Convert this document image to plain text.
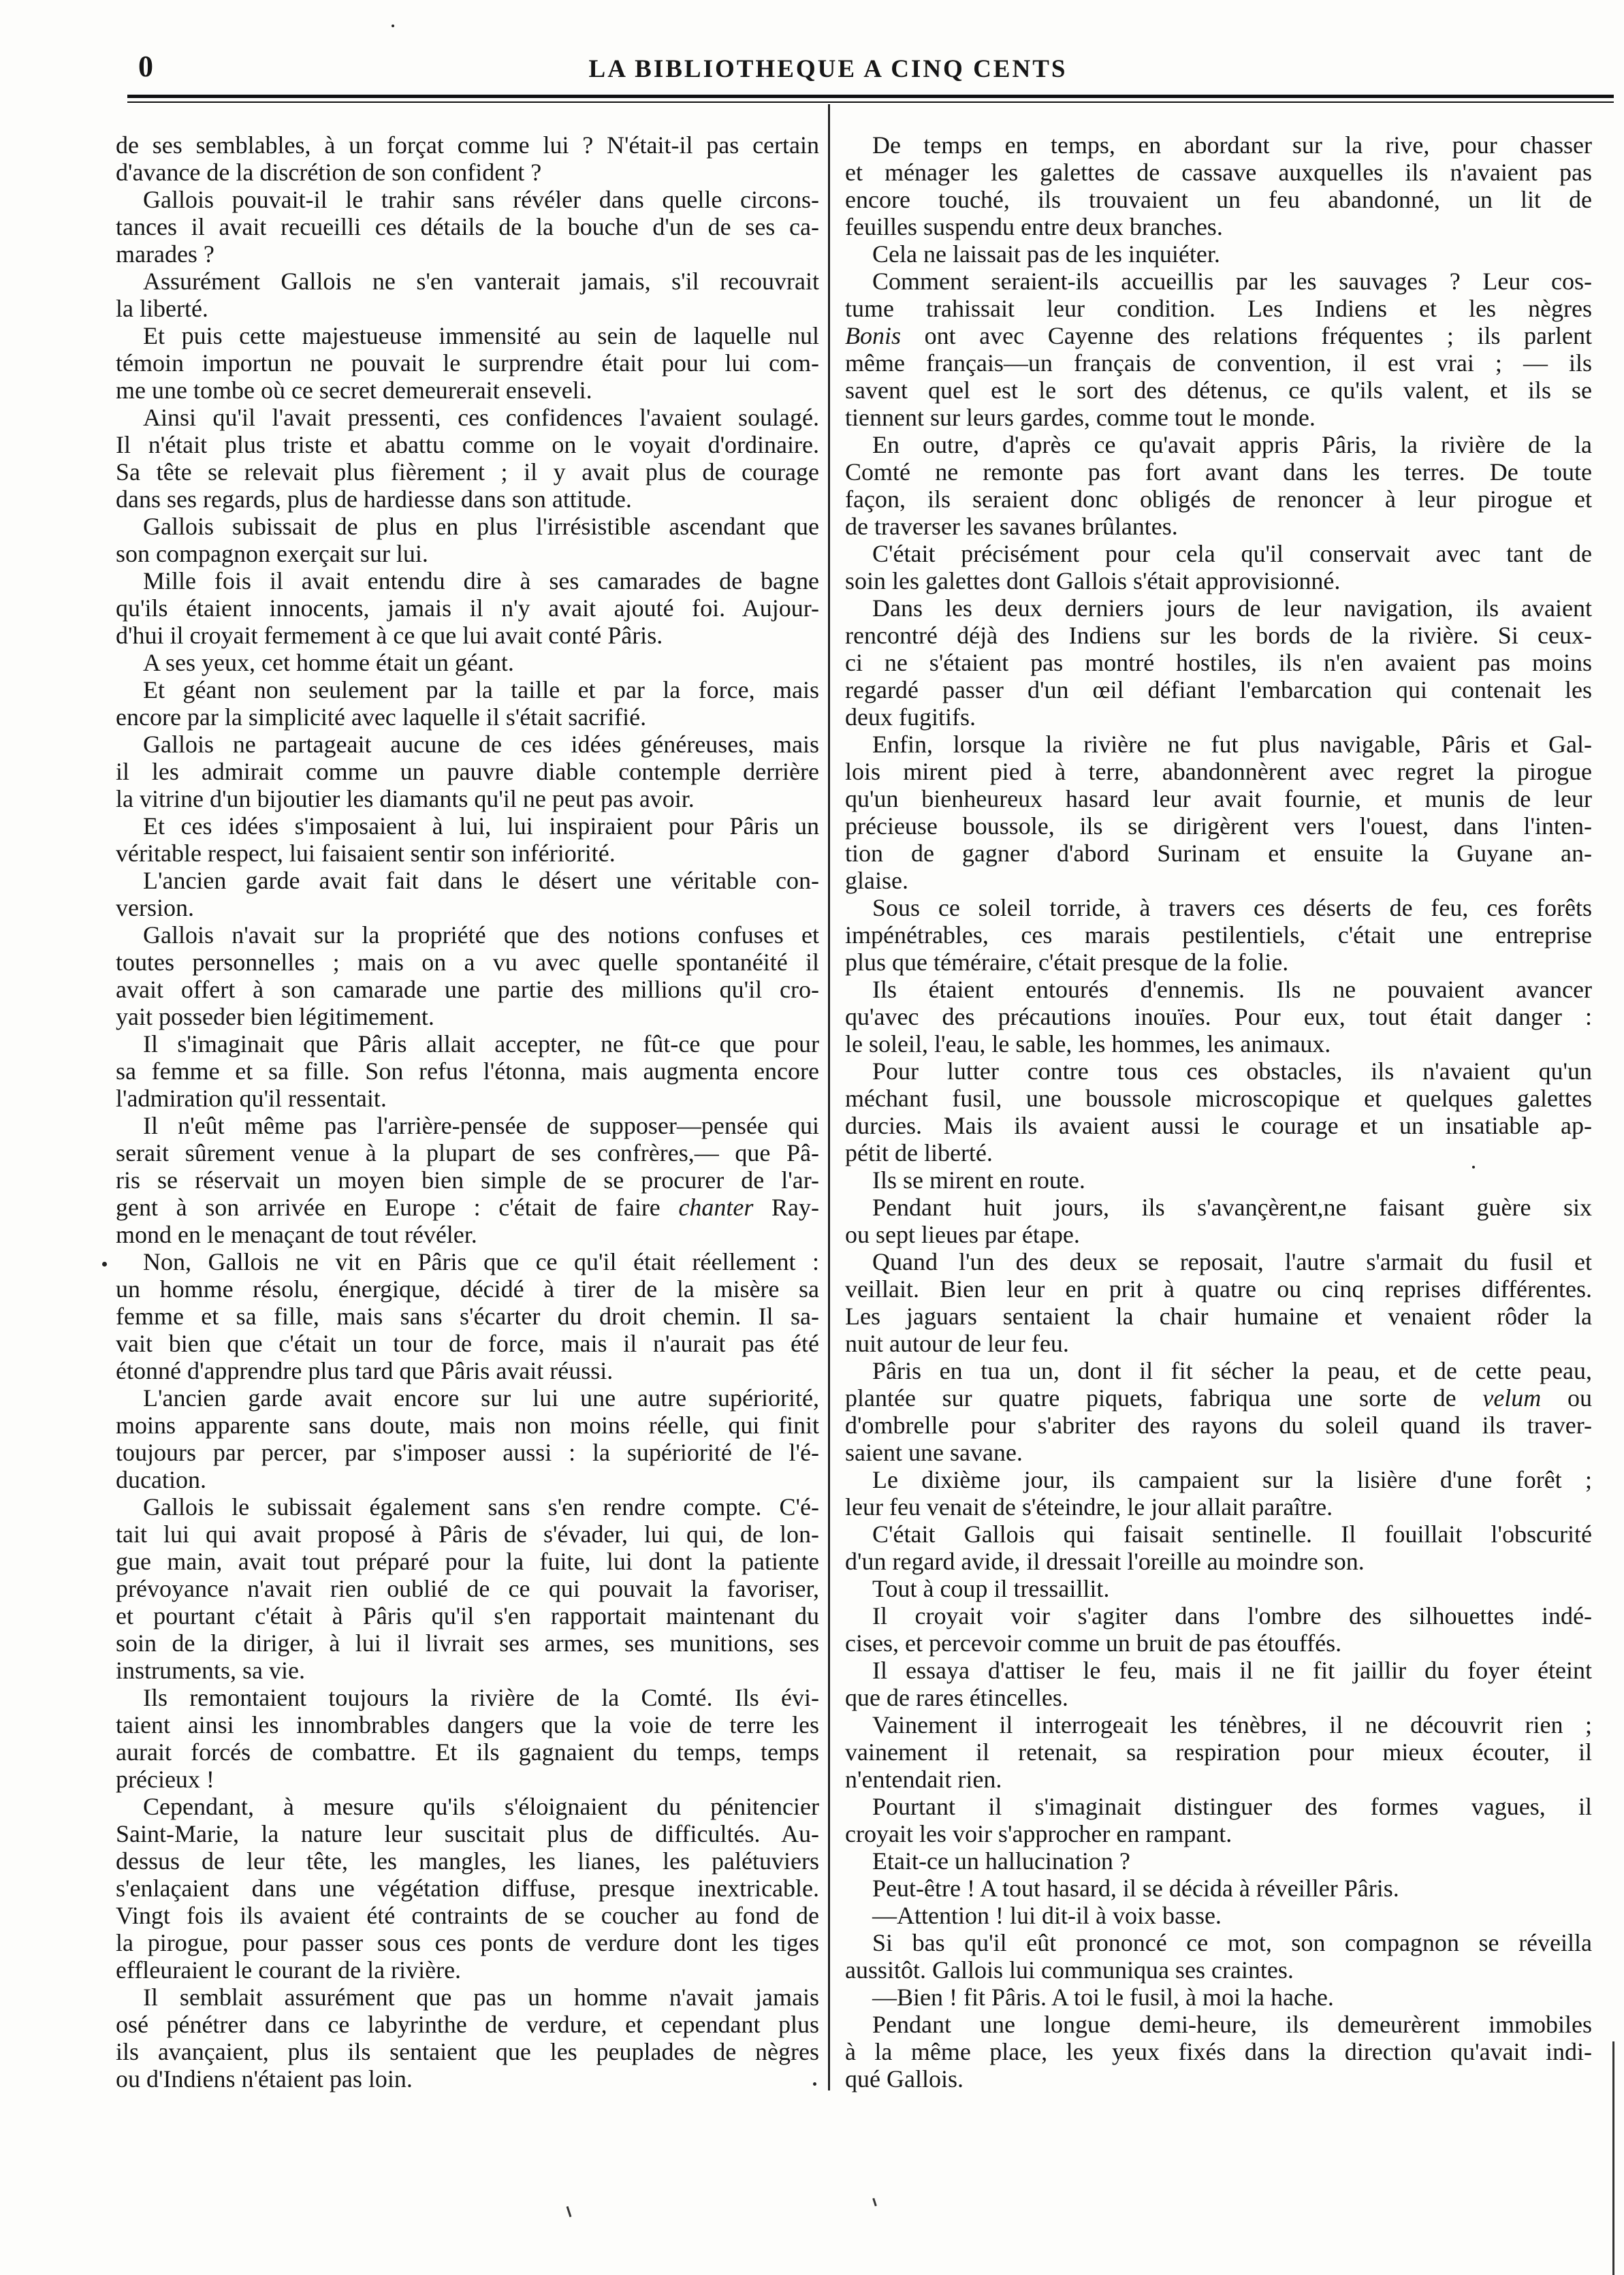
0	LA BIBLIOTHEQUE A CINQ CENTS
de ses semblables, à un forçat comme lui ? N'était-il pas certain
d'avance de la discrétion de son confident ?
Gallois pouvait-il le trahir sans révéler dans quelle circons-
tances il avait recueilli ces détails de la bouche d'un de ses ca-
marades ?
Assurément Gallois ne s'en vanterait jamais, s'il recouvrait
la liberté.
Et puis cette majestueuse immensité au sein de laquelle nul
témoin importun ne pouvait le surprendre était pour lui com-
me une tombe où ce secret demeurerait enseveli.
Ainsi qu'il l'avait pressenti, ces confidences l'avaient soulagé.
Il n'était plus triste et abattu comme on le voyait d'ordinaire.
Sa tête se relevait plus fièrement ; il y avait plus de courage
dans ses regards, plus de hardiesse dans son attitude.
Gallois subissait de plus en plus l'irrésistible ascendant que
son compagnon exerçait sur lui.
Mille fois il avait entendu dire à ses camarades de bagne
qu'ils étaient innocents, jamais il n'y avait ajouté foi. Aujour-
d'hui il croyait fermement à ce que lui avait conté Pâris.
A ses yeux, cet homme était un géant.
Et géant non seulement par la taille et par la force, mais
encore par la simplicité avec laquelle il s'était sacrifié.
Gallois ne partageait aucune de ces idées généreuses, mais
il les admirait comme un pauvre diable contemple derrière
la vitrine d'un bijoutier les diamants qu'il ne peut pas avoir.
Et ces idées s'imposaient à lui, lui inspiraient pour Pâris un
véritable respect, lui faisaient sentir son infériorité.
L'ancien garde avait fait dans le désert une véritable con-
version.
Gallois n'avait sur la propriété que des notions confuses et
toutes personnelles ; mais on a vu avec quelle spontanéité il
avait offert à son camarade une partie des millions qu'il cro-
yait posseder bien légitimement.
Il s'imaginait que Pâris allait accepter, ne fût-ce que pour
sa femme et sa fille. Son refus l'étonna, mais augmenta encore
l'admiration qu'il ressentait.
Il n'eût même pas l'arrière-pensée de supposer—pensée qui
serait sûrement venue à la plupart de ses confrères,— que Pâ-
ris se réservait un moyen bien simple de se procurer de l'ar-
gent à son arrivée en Europe : c'était de faire chanter Ray-
mond en le menaçant de tout révéler.
Non, Gallois ne vit en Pâris que ce qu'il était réellement :
un homme résolu, énergique, décidé à tirer de la misère sa
femme et sa fille, mais sans s'écarter du droit chemin. Il sa-
vait bien que c'était un tour de force, mais il n'aurait pas été
étonné d'apprendre plus tard que Pâris avait réussi.
L'ancien garde avait encore sur lui une autre supériorité,
moins apparente sans doute, mais non moins réelle, qui finit
toujours par percer, par s'imposer aussi : la supériorité de l'é-
ducation.
Gallois le subissait également sans s'en rendre compte. C'é-
tait lui qui avait proposé à Pâris de s'évader, lui qui, de lon-
gue main, avait tout préparé pour la fuite, lui dont la patiente
prévoyance n'avait rien oublié de ce qui pouvait la favoriser,
et pourtant c'était à Pâris qu'il s'en rapportait maintenant du
soin de la diriger, à lui il livrait ses armes, ses munitions, ses
instruments, sa vie.
Ils remontaient toujours la rivière de la Comté. Ils évi-
taient ainsi les innombrables dangers que la voie de terre les
aurait forcés de combattre. Et ils gagnaient du temps, temps
précieux !
Cependant, à mesure qu'ils s'éloignaient du pénitencier
Saint-Marie, la nature leur suscitait plus de difficultés. Au-
dessus de leur tête, les mangles, les lianes, les palétuviers
s'enlaçaient dans une végétation diffuse, presque inextricable.
Vingt fois ils avaient été contraints de se coucher au fond de
la pirogue, pour passer sous ces ponts de verdure dont les tiges
effleuraient le courant de la rivière.
Il semblait assurément que pas un homme n'avait jamais
osé pénétrer dans ce labyrinthe de verdure, et cependant plus
ils avançaient, plus ils sentaient que les peuplades de nègres
ou d'Indiens n'étaient pas loin.
De temps en temps, en abordant sur la rive, pour chasser
et ménager les galettes de cassave auxquelles ils n'avaient pas
encore touché, ils trouvaient un feu abandonné, un lit de
feuilles suspendu entre deux branches.
Cela ne laissait pas de les inquiéter.
Comment seraient-ils accueillis par les sauvages ? Leur cos-
tume trahissait leur condition. Les Indiens et les nègres
Bonis ont avec Cayenne des relations fréquentes ; ils parlent
même français—un français de convention, il est vrai ; — ils
savent quel est le sort des détenus, ce qu'ils valent, et ils se
tiennent sur leurs gardes, comme tout le monde.
En outre, d'après ce qu'avait appris Pâris, la rivière de la
Comté ne remonte pas fort avant dans les terres. De toute
façon, ils seraient donc obligés de renoncer à leur pirogue et
de traverser les savanes brûlantes.
C'était précisément pour cela qu'il conservait avec tant de
soin les galettes dont Gallois s'était approvisionné.
Dans les deux derniers jours de leur navigation, ils avaient
rencontré déjà des Indiens sur les bords de la rivière. Si ceux-
ci ne s'étaient pas montré hostiles, ils n'en avaient pas moins
regardé passer d'un œil défiant l'embarcation qui contenait les
deux fugitifs.
Enfin, lorsque la rivière ne fut plus navigable, Pâris et Gal-
lois mirent pied à terre, abandonnèrent avec regret la pirogue
qu'un bienheureux hasard leur avait fournie, et munis de leur
précieuse boussole, ils se dirigèrent vers l'ouest, dans l'inten-
tion de gagner d'abord Surinam et ensuite la Guyane an-
glaise.
Sous ce soleil torride, à travers ces déserts de feu, ces forêts
impénétrables, ces marais pestilentiels, c'était une entreprise
plus que téméraire, c'était presque de la folie.
Ils étaient entourés d'ennemis. Ils ne pouvaient avancer
qu'avec des précautions inouïes. Pour eux, tout était danger :
le soleil, l'eau, le sable, les hommes, les animaux.
Pour lutter contre tous ces obstacles, ils n'avaient qu'un
méchant fusil, une boussole microscopique et quelques galettes
durcies. Mais ils avaient aussi le courage et un insatiable ap-
pétit de liberté.
Ils se mirent en route.
Pendant huit jours, ils s'avançèrent,ne faisant guère six
ou sept lieues par étape.
Quand l'un des deux se reposait, l'autre s'armait du fusil et
veillait. Bien leur en prit à quatre ou cinq reprises différentes.
Les jaguars sentaient la chair humaine et venaient rôder la
nuit autour de leur feu.
Pâris en tua un, dont il fit sécher la peau, et de cette peau,
plantée sur quatre piquets, fabriqua une sorte de velum ou
d'ombrelle pour s'abriter des rayons du soleil quand ils traver-
saient une savane.
Le dixième jour, ils campaient sur la lisière d'une forêt ;
leur feu venait de s'éteindre, le jour allait paraître.
C'était Gallois qui faisait sentinelle. Il fouillait l'obscurité
d'un regard avide, il dressait l'oreille au moindre son.
Tout à coup il tressaillit.
Il croyait voir s'agiter dans l'ombre des silhouettes indé-
cises, et percevoir comme un bruit de pas étouffés.
Il essaya d'attiser le feu, mais il ne fit jaillir du foyer éteint
que de rares étincelles.
Vainement il interrogeait les ténèbres, il ne découvrit rien ;
vainement il retenait, sa respiration pour mieux écouter, il
n'entendait rien.
Pourtant il s'imaginait distinguer des formes vagues, il
croyait les voir s'approcher en rampant.
Etait-ce un hallucination ?
Peut-être ! A tout hasard, il se décida à réveiller Pâris.
—Attention ! lui dit-il à voix basse.
Si bas qu'il eût prononcé ce mot, son compagnon se réveilla
aussitôt. Gallois lui communiqua ses craintes.
—Bien ! fit Pâris. A toi le fusil, à moi la hache.
Pendant une longue demi-heure, ils demeurèrent immobiles
à la même place, les yeux fixés dans la direction qu'avait indi-
qué Gallois.
